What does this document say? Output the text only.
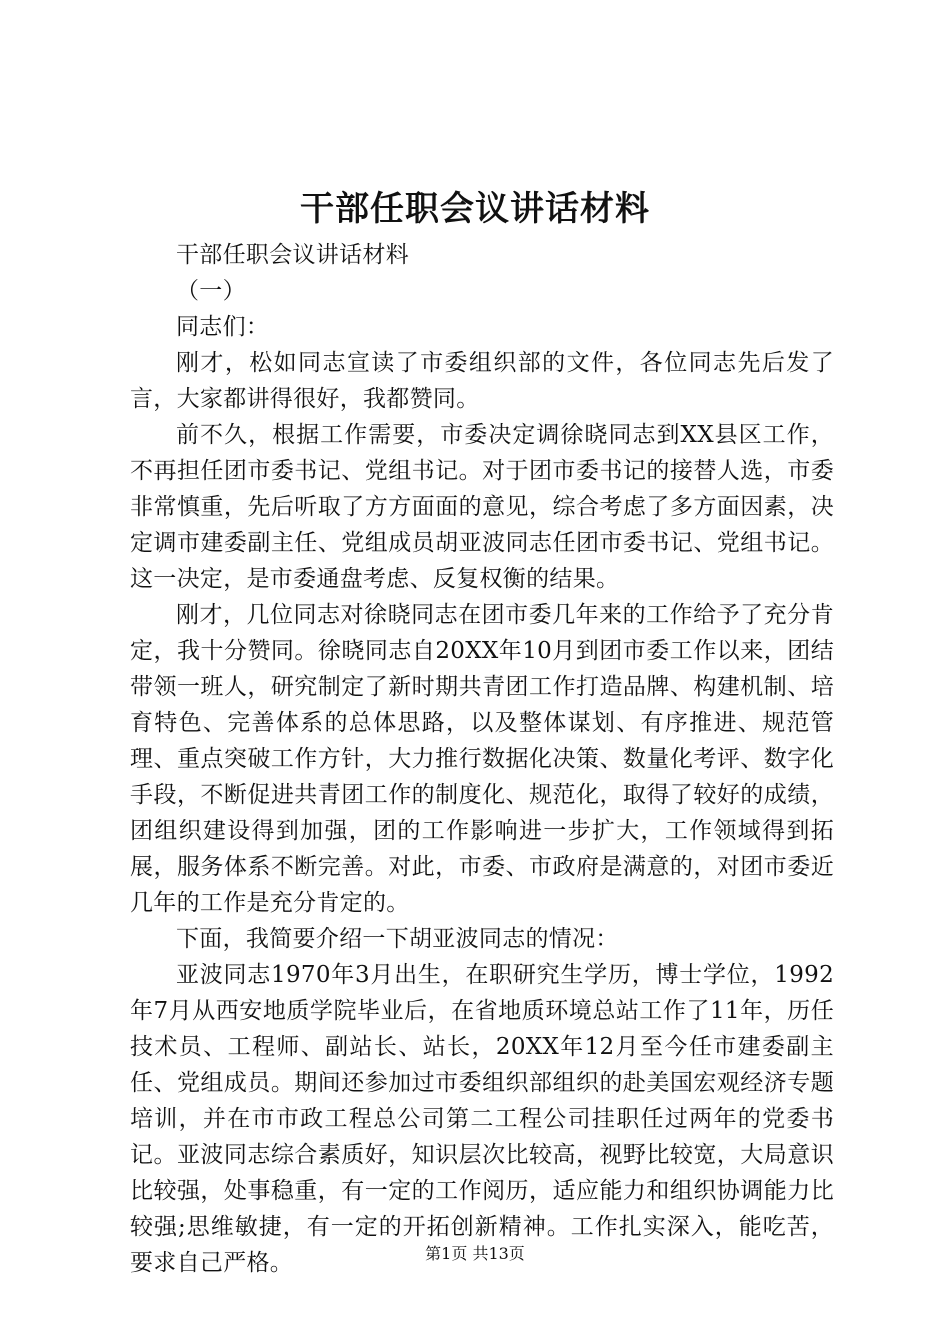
干部任职会议讲话材料

干部任职会议讲话材料

（一）

同志们：

刚才，松如同志宣读了市委组织部的文件，各位同志先后发了言，大家都讲得很好，我都赞同。

前不久，根据工作需要，市委决定调徐晓同志到XX县区工作，不再担任团市委书记、党组书记。对于团市委书记的接替人选，市委非常慎重，先后听取了方方面面的意见，综合考虑了多方面因素，决定调市建委副主任、党组成员胡亚波同志任团市委书记、党组书记。这一决定，是市委通盘考虑、反复权衡的结果。

刚才，几位同志对徐晓同志在团市委几年来的工作给予了充分肯定，我十分赞同。徐晓同志自20XX年10月到团市委工作以来，团结带领一班人，研究制定了新时期共青团工作打造品牌、构建机制、培育特色、完善体系的总体思路，以及整体谋划、有序推进、规范管理、重点突破工作方针，大力推行数据化决策、数量化考评、数字化手段，不断促进共青团工作的制度化、规范化，取得了较好的成绩，团组织建设得到加强，团的工作影响进一步扩大，工作领域得到拓展，服务体系不断完善。对此，市委、市政府是满意的，对团市委近几年的工作是充分肯定的。

下面，我简要介绍一下胡亚波同志的情况：

亚波同志1970年3月出生，在职研究生学历，博士学位，1992年7月从西安地质学院毕业后，在省地质环境总站工作了11年，历任技术员、工程师、副站长、站长，20XX年12月至今任市建委副主任、党组成员。期间还参加过市委组织部组织的赴美国宏观经济专题培训，并在市市政工程总公司第二工程公司挂职任过两年的党委书记。亚波同志综合素质好，知识层次比较高，视野比较宽，大局意识比较强，处事稳重，有一定的工作阅历，适应能力和组织协调能力比较强;思维敏捷，有一定的开拓创新精神。工作扎实深入，能吃苦，要求自己严格。	第1页 共13页
